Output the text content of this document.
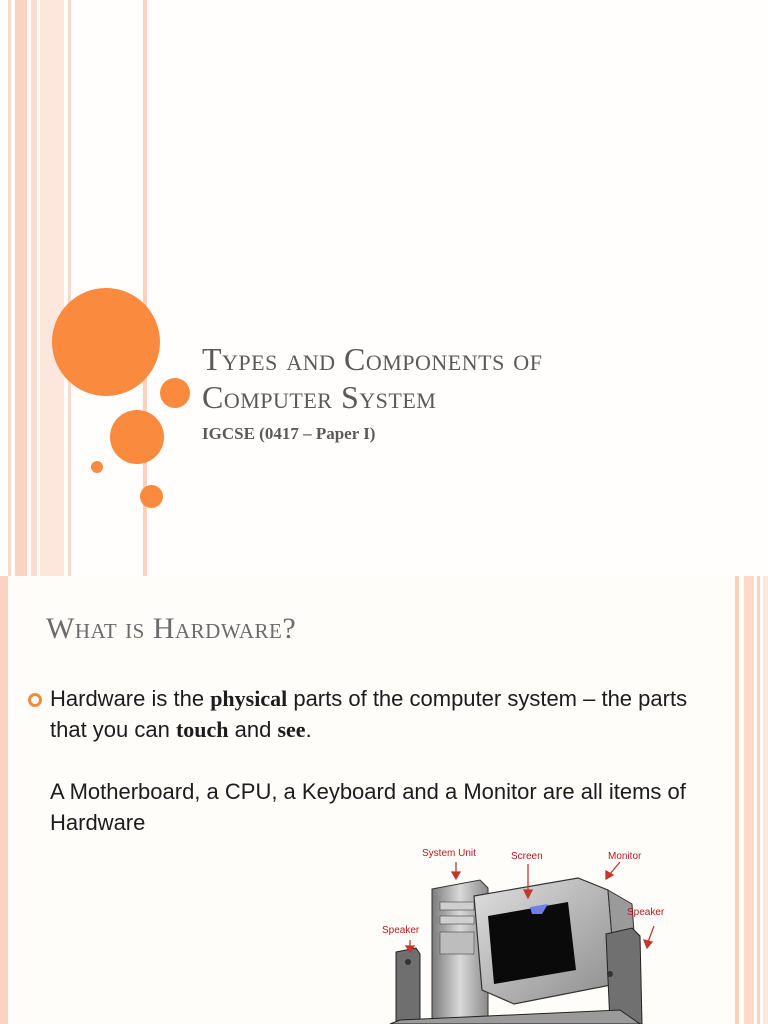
Types and Components of
Computer System
IGCSE (0417 – Paper I)
What is Hardware?
Hardware is the physical parts of the computer system – the parts that you can touch and see.
A Motherboard, a CPU, a Keyboard and a Monitor are all items of Hardware
System Unit	Screen	Monitor
Speaker
Speaker
